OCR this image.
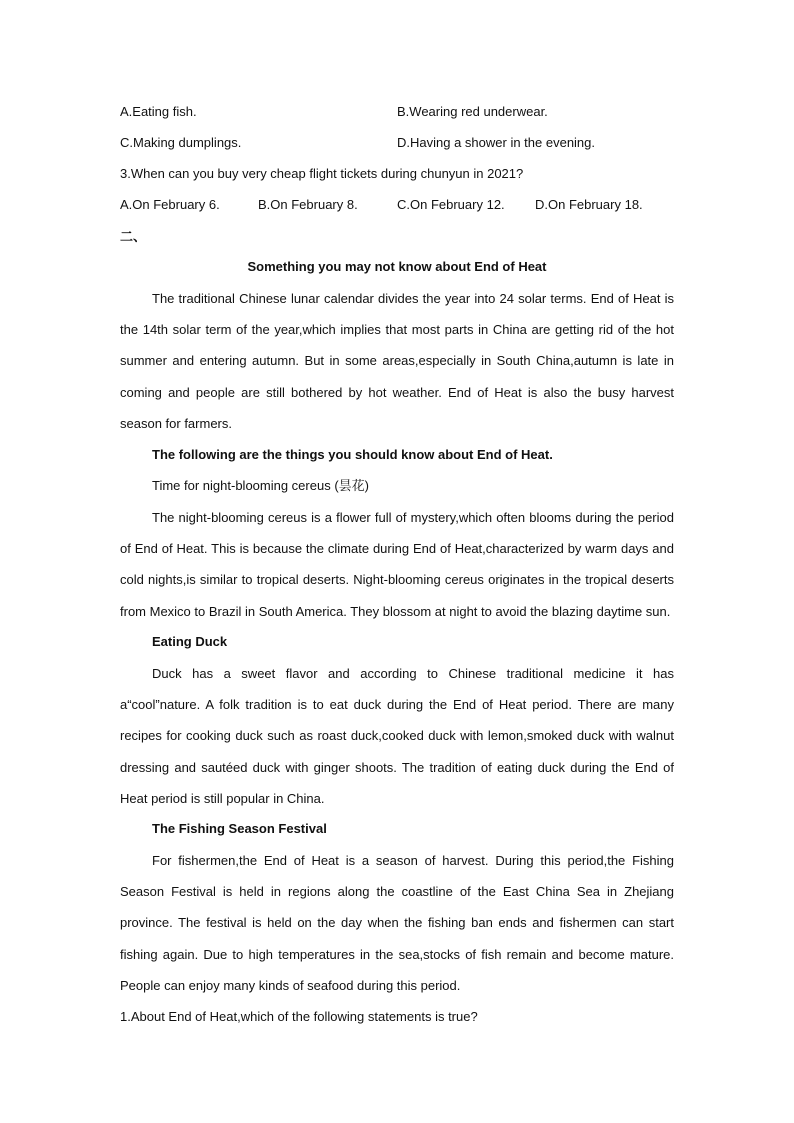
A.Eating fish.	B.Wearing red underwear.
C.Making dumplings.	D.Having a shower in the evening.
3.When can you buy very cheap flight tickets during chunyun in 2021?
A.On February 6.	B.On February 8.	C.On February 12. D.On February 18.
二、
Something you may not know about End of Heat

The traditional Chinese lunar calendar divides the year into 24 solar terms. End of Heat is the 14th solar term of the year,which implies that most parts in China are getting rid of the hot summer and entering autumn. But in some areas,especially in South China,autumn is late in coming and people are still bothered by hot weather. End of Heat is also the busy harvest season for farmers.

The following are the things you should know about End of Heat.
Time for night-blooming cereus (昙花)

The night-blooming cereus is a flower full of mystery,which often blooms during the period of End of Heat. This is because the climate during End of Heat,characterized by warm days and cold nights,is similar to tropical deserts. Night-blooming cereus originates in the tropical deserts from Mexico to Brazil in South America. They blossom at night to avoid the blazing daytime sun.

Eating Duck

Duck has a sweet flavor and according to Chinese traditional medicine it has a“cool”nature. A folk tradition is to eat duck during the End of Heat period. There are many recipes for cooking duck such as roast duck,cooked duck with lemon,smoked duck with walnut dressing and sautéed duck with ginger shoots. The tradition of eating duck during the End of Heat period is still popular in China.

The Fishing Season Festival

For fishermen,the End of Heat is a season of harvest. During this period,the Fishing Season Festival is held in regions along the coastline of the East China Sea in Zhejiang province. The festival is held on the day when the fishing ban ends and fishermen can start fishing again. Due to high temperatures in the sea,stocks of fish remain and become mature. People can enjoy many kinds of seafood during this period.

1.About End of Heat,which of the following statements is true?
